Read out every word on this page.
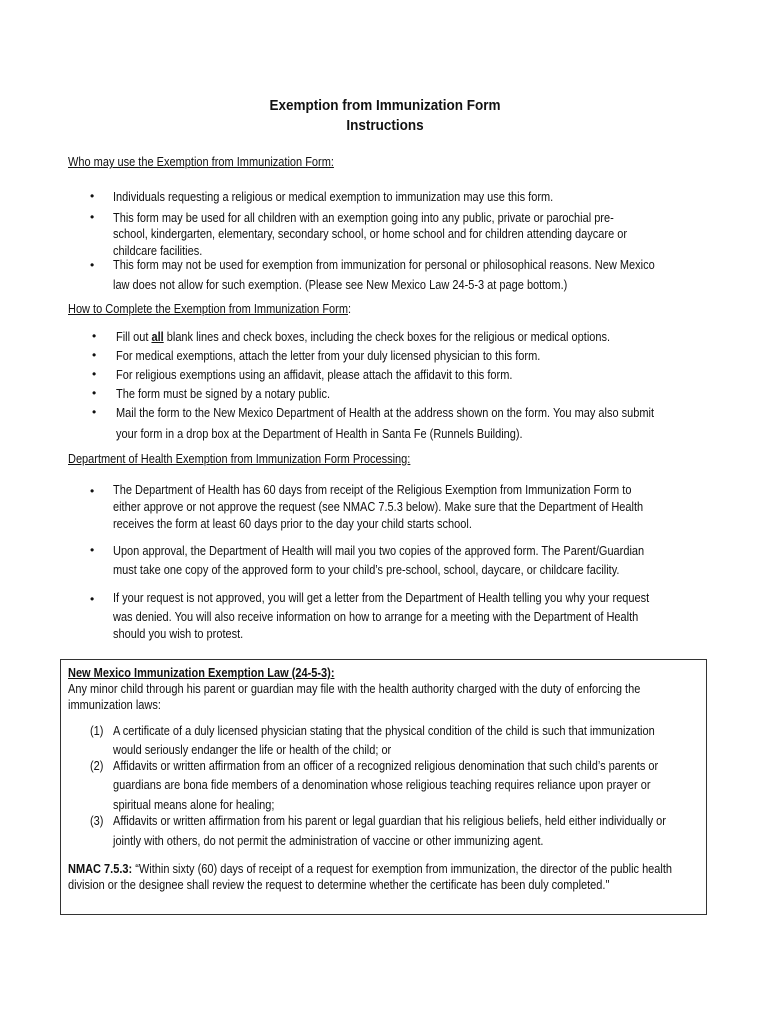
Exemption from Immunization Form
Instructions
Who may use the Exemption from Immunization Form:
• Individuals requesting a religious or medical exemption to immunization may use this form.
• This form may be used for all children with an exemption going into any public, private or parochial pre-
school, kindergarten, elementary, secondary school, or home school and for children attending daycare or
childcare facilities.
• This form may not be used for exemption from immunization for personal or philosophical reasons. New Mexico
law does not allow for such exemption. (Please see New Mexico Law 24-5-3 at page bottom.)
How to Complete the Exemption from Immunization Form:
• Fill out all blank lines and check boxes, including the check boxes for the religious or medical options.
• For medical exemptions, attach the letter from your duly licensed physician to this form.
• For religious exemptions using an affidavit, please attach the affidavit to this form.
• The form must be signed by a notary public.
• Mail the form to the New Mexico Department of Health at the address shown on the form. You may also submit
your form in a drop box at the Department of Health in Santa Fe (Runnels Building).
Department of Health Exemption from Immunization Form Processing:
• The Department of Health has 60 days from receipt of the Religious Exemption from Immunization Form to
either approve or not approve the request (see NMAC 7.5.3 below). Make sure that the Department of Health
receives the form at least 60 days prior to the day your child starts school.
• Upon approval, the Department of Health will mail you two copies of the approved form. The Parent/Guardian
must take one copy of the approved form to your child’s pre-school, school, daycare, or childcare facility.
• If your request is not approved, you will get a letter from the Department of Health telling you why your request
was denied. You will also receive information on how to arrange for a meeting with the Department of Health
should you wish to protest.
New Mexico Immunization Exemption Law (24-5-3):
Any minor child through his parent or guardian may file with the health authority charged with the duty of enforcing the
immunization laws:
(1) A certificate of a duly licensed physician stating that the physical condition of the child is such that immunization
would seriously endanger the life or health of the child; or
(2) Affidavits or written affirmation from an officer of a recognized religious denomination that such child’s parents or
guardians are bona fide members of a denomination whose religious teaching requires reliance upon prayer or
spiritual means alone for healing;
(3) Affidavits or written affirmation from his parent or legal guardian that his religious beliefs, held either individually or
jointly with others, do not permit the administration of vaccine or other immunizing agent.
NMAC 7.5.3: “Within sixty (60) days of receipt of a request for exemption from immunization, the director of the public health
division or the designee shall review the request to determine whether the certificate has been duly completed."
